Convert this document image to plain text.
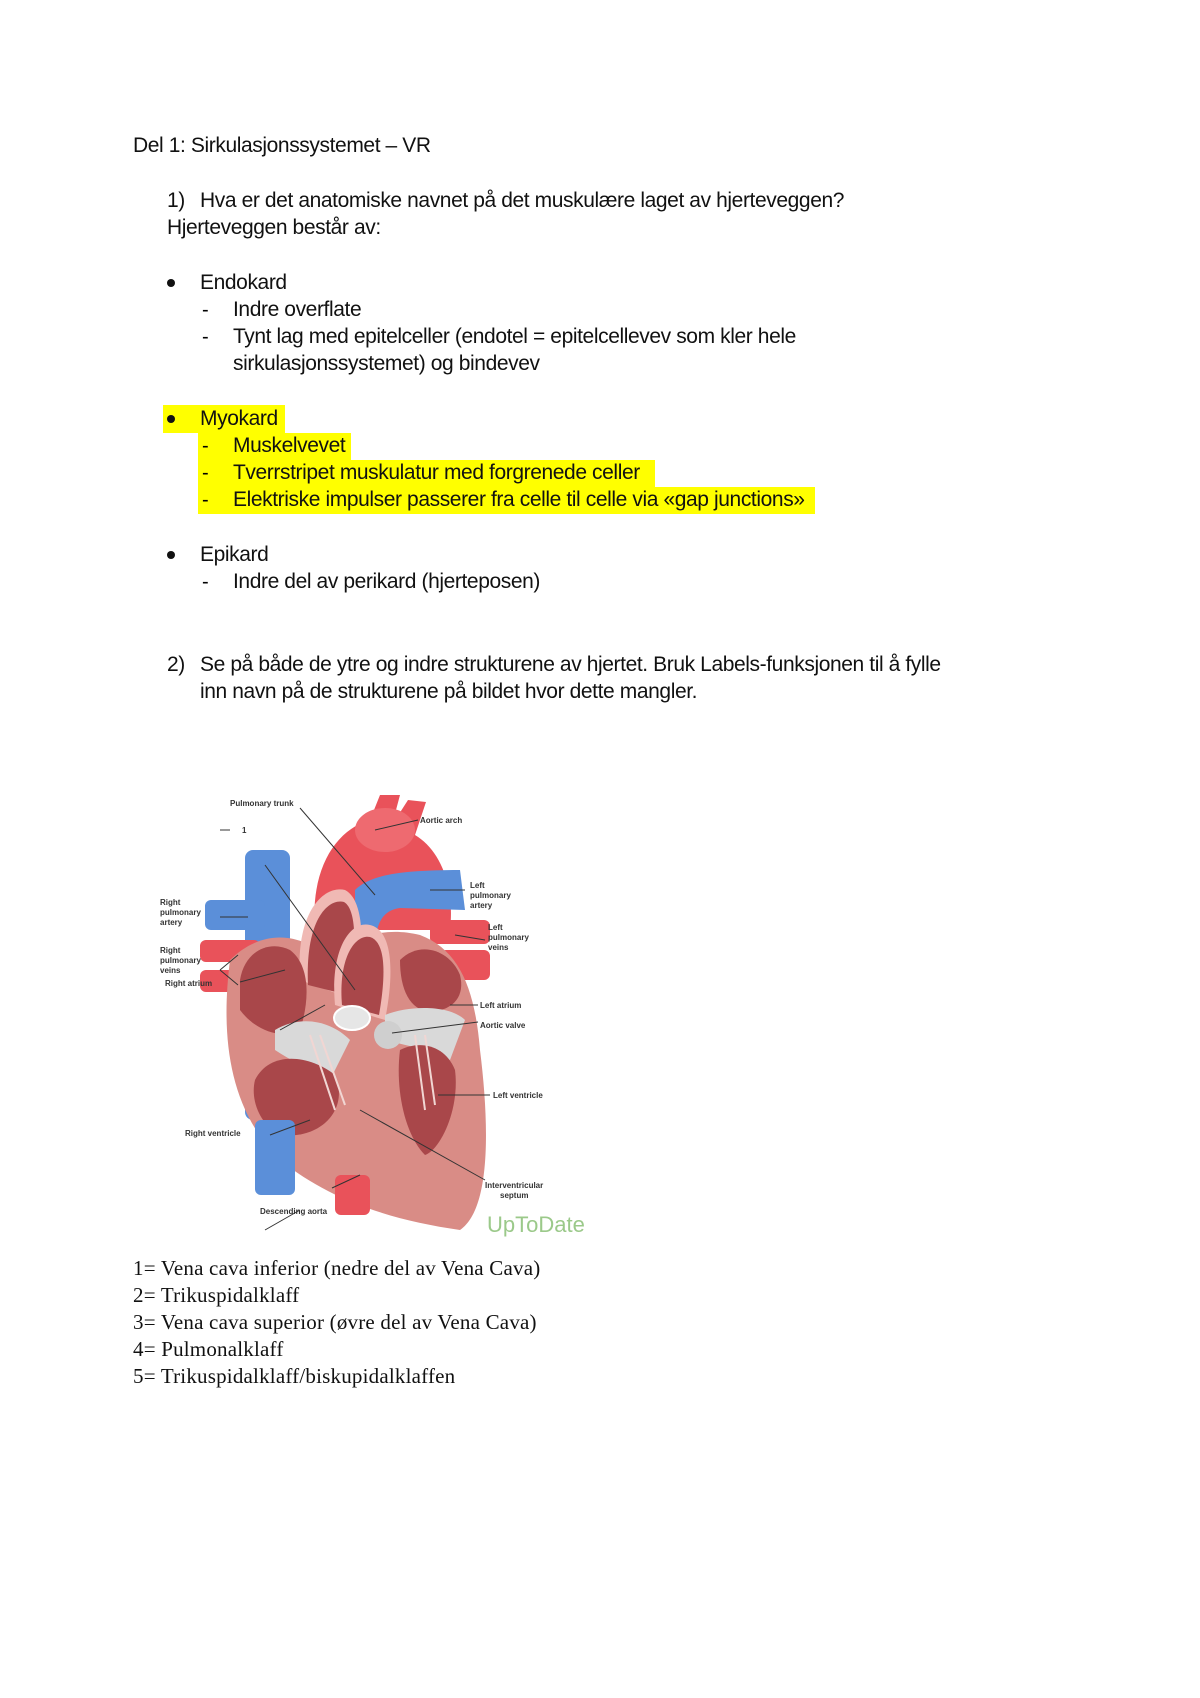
Del 1: Sirkulasjonssystemet – VR
1) Hva er det anatomiske navnet på det muskulære laget av hjerteveggen?
Hjerteveggen består av:
Endokard
- Indre overflate
- Tynt lag med epitelceller (endotel = epitelcellevev som kler hele
sirkulasjonssystemet) og bindevev
Myokard
- Muskelvevet
- Tverrstripet muskulatur med forgrenede celler
- Elektriske impulser passerer fra celle til celle via «gap junctions»
Epikard
- Indre del av perikard (hjerteposen)
2) Se på både de ytre og indre strukturene av hjertet. Bruk Labels-funksjonen til å fylle
inn navn på de strukturene på bildet hvor dette mangler.
Pulmonary trunk
Aortic arch
Left
pulmonary
artery
Left
pulmonary
veins
Left atrium
Aortic valve
Left ventricle
Interventricular
septum
Right
pulmonary
artery
Right
pulmonary
veins
Right atrium
Right ventricle
Descending aorta
1
UpToDate
1= Vena cava inferior (nedre del av Vena Cava)
2= Trikuspidalklaff
3= Vena cava superior (øvre del av Vena Cava)
4= Pulmonalklaff
5= Trikuspidalklaff/biskupidalklaffen
